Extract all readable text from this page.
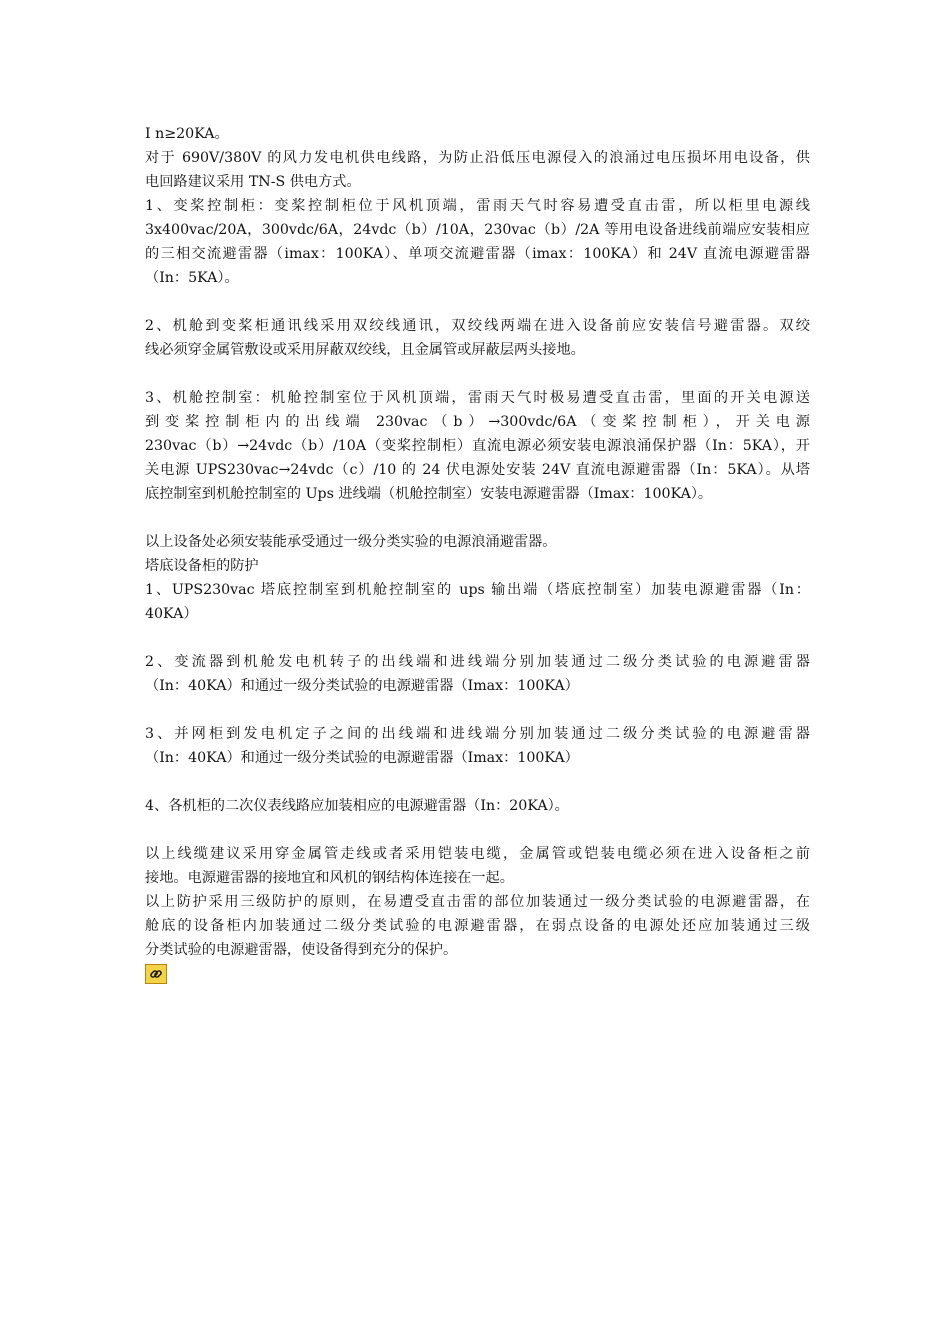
I n≥20KA。
对于 690V/380V 的风力发电机供电线路，为防止沿低压电源侵入的浪涌过电压损坏用电设备，供
电回路建议采用 TN-S 供电方式。
1、变桨控制柜：变桨控制柜位于风机顶端，雷雨天气时容易遭受直击雷，所以柜里电源线
3x400vac/20A，300vdc/6A，24vdc（b）/10A，230vac（b）/2A 等用电设备进线前端应安装相应
的三相交流避雷器（imax：100KA）、单项交流避雷器（imax：100KA）和 24V 直流电源避雷器
（In：5KA）。
2、机舱到变桨柜通讯线采用双绞线通讯，双绞线两端在进入设备前应安装信号避雷器。双绞
线必须穿金属管敷设或采用屏蔽双绞线，且金属管或屏蔽层两头接地。
3、机舱控制室：机舱控制室位于风机顶端，雷雨天气时极易遭受直击雷，里面的开关电源送
到变桨控制柜内的出线端 230vac（b）→300vdc/6A（变桨控制柜），开关电源
230vac（b）→24vdc（b）/10A（变桨控制柜）直流电源必须安装电源浪涌保护器（In：5KA），开
关电源 UPS230vac→24vdc（c）/10 的 24 伏电源处安装 24V 直流电源避雷器（In：5KA）。从塔
底控制室到机舱控制室的 Ups 进线端（机舱控制室）安装电源避雷器（Imax：100KA）。
以上设备处必须安装能承受通过一级分类实验的电源浪涌避雷器。
塔底设备柜的防护
1、UPS230vac 塔底控制室到机舱控制室的 ups 输出端（塔底控制室）加装电源避雷器（In：
40KA）
2、变流器到机舱发电机转子的出线端和进线端分别加装通过二级分类试验的电源避雷器
（In：40KA）和通过一级分类试验的电源避雷器（Imax：100KA）
3、并网柜到发电机定子之间的出线端和进线端分别加装通过二级分类试验的电源避雷器
（In：40KA）和通过一级分类试验的电源避雷器（Imax：100KA）
4、各机柜的二次仪表线路应加装相应的电源避雷器（In：20KA）。
以上线缆建议采用穿金属管走线或者采用铠装电缆，金属管或铠装电缆必须在进入设备柜之前
接地。电源避雷器的接地宜和风机的钢结构体连接在一起。
以上防护采用三级防护的原则，在易遭受直击雷的部位加装通过一级分类试验的电源避雷器，在
舱底的设备柜内加装通过二级分类试验的电源避雷器，在弱点设备的电源处还应加装通过三级
分类试验的电源避雷器，使设备得到充分的保护。
